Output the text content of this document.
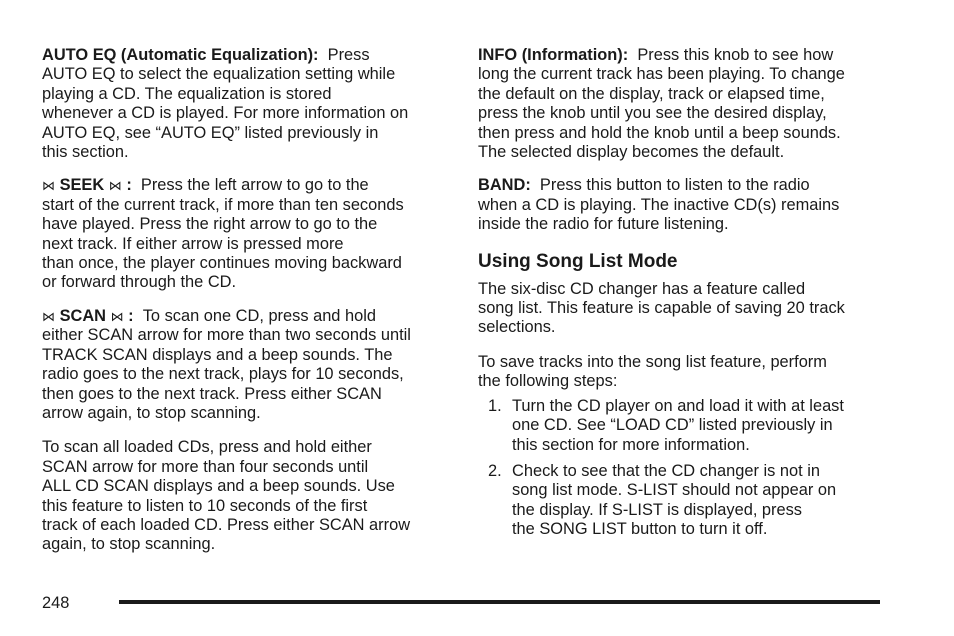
AUTO EQ (Automatic Equalization): Press
AUTO EQ to select the equalization setting while
playing a CD. The equalization is stored
whenever a CD is played. For more information on
AUTO EQ, see “AUTO EQ” listed previously in
this section.

⋈ SEEK ⋈ : Press the left arrow to go to the
start of the current track, if more than ten seconds
have played. Press the right arrow to go to the
next track. If either arrow is pressed more
than once, the player continues moving backward
or forward through the CD.

⋈ SCAN ⋈ : To scan one CD, press and hold
either SCAN arrow for more than two seconds until
TRACK SCAN displays and a beep sounds. The
radio goes to the next track, plays for 10 seconds,
then goes to the next track. Press either SCAN
arrow again, to stop scanning.

To scan all loaded CDs, press and hold either
SCAN arrow for more than four seconds until
ALL CD SCAN displays and a beep sounds. Use
this feature to listen to 10 seconds of the first
track of each loaded CD. Press either SCAN arrow
again, to stop scanning.

INFO (Information): Press this knob to see how
long the current track has been playing. To change
the default on the display, track or elapsed time,
press the knob until you see the desired display,
then press and hold the knob until a beep sounds.
The selected display becomes the default.

BAND: Press this button to listen to the radio
when a CD is playing. The inactive CD(s) remains
inside the radio for future listening.

Using Song List Mode

The six-disc CD changer has a feature called
song list. This feature is capable of saving 20 track
selections.

To save tracks into the song list feature, perform
the following steps:

1. Turn the CD player on and load it with at least
one CD. See “LOAD CD” listed previously in
this section for more information.
2. Check to see that the CD changer is not in
song list mode. S-LIST should not appear on
the display. If S-LIST is displayed, press
the SONG LIST button to turn it off.
248
